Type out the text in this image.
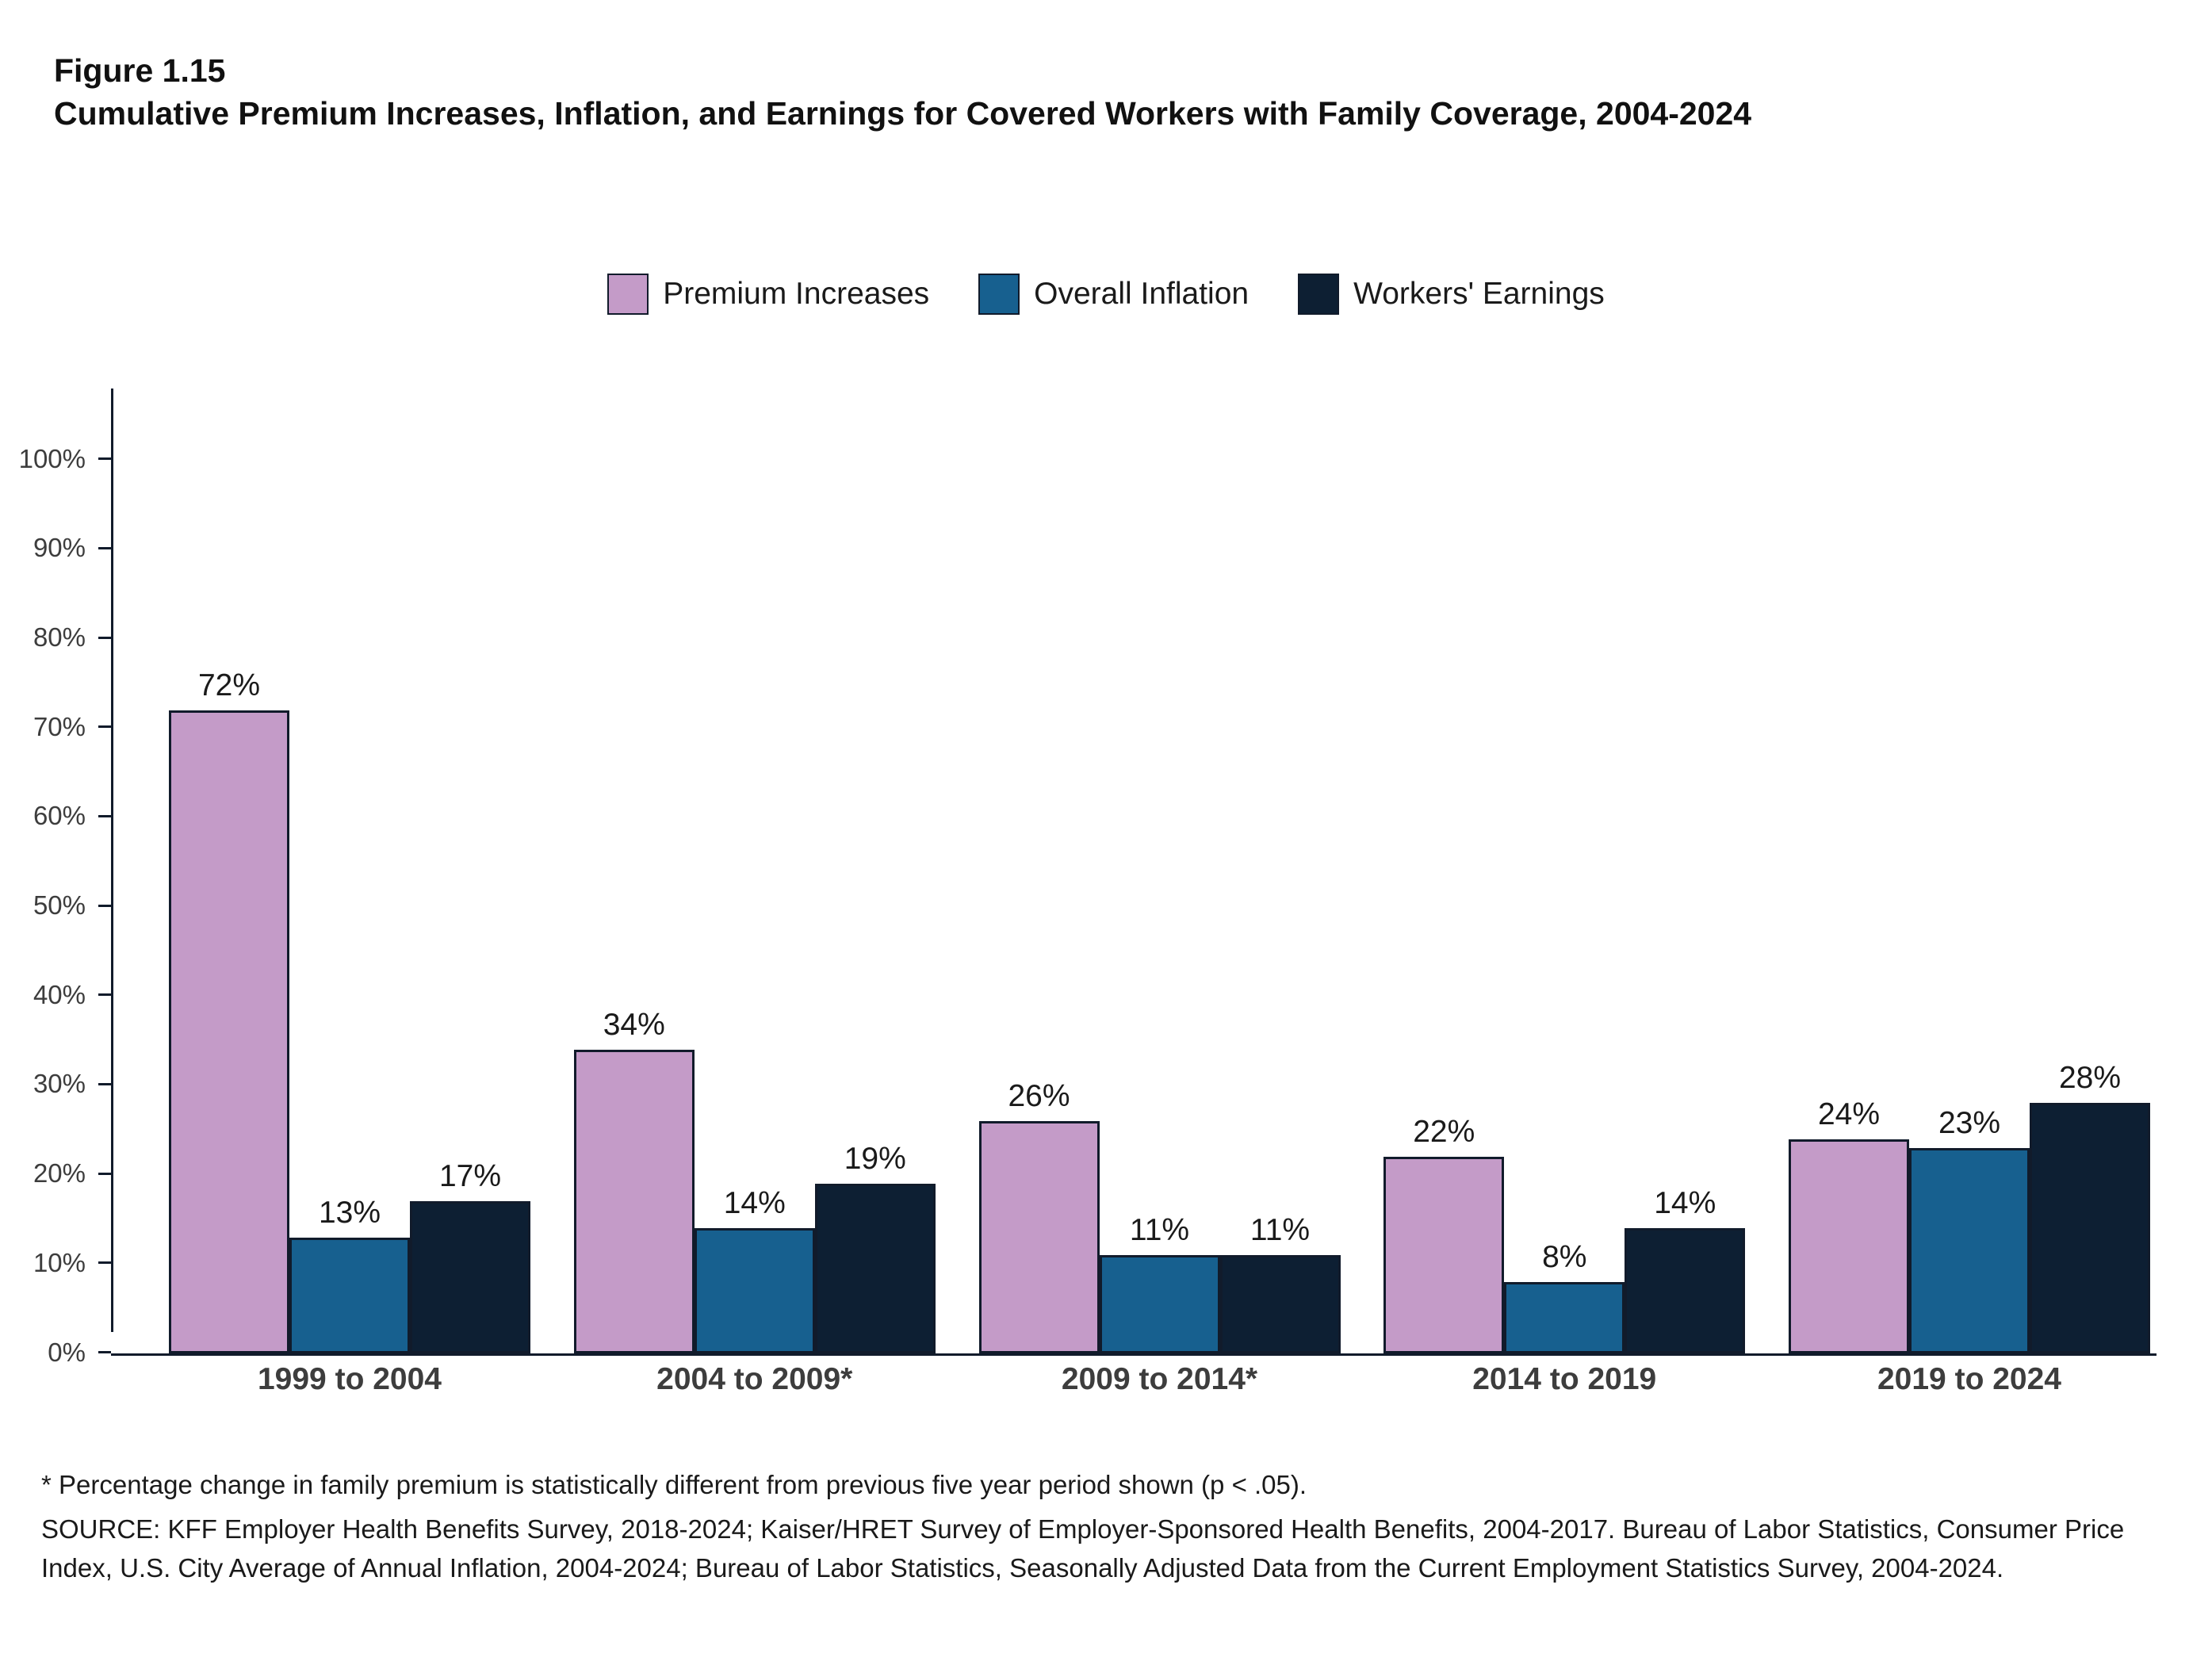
Figure 1.15
Cumulative Premium Increases, Inflation, and Earnings for Covered Workers with Family Coverage, 2004-2024
Premium Increases	Overall Inflation	Workers' Earnings
0%
10%
20%
30%
40%
50%
60%
70%
80%
90%
100%
72%
13%
17%
34%
14%
19%
26%
11% 11%
22%
8%
14%
24% 23%
28%
1999 to 2004	2004 to 2009*	2009 to 2014*	2014 to 2019	2019 to 2024
* Percentage change in family premium is statistically different from previous five year period shown (p < .05).
SOURCE: KFF Employer Health Benefits Survey, 2018-2024; Kaiser/HRET Survey of Employer-Sponsored Health Benefits, 2004-2017. Bureau of Labor Statistics, Consumer Price Index, U.S. City Average of Annual Inflation, 2004-2024; Bureau of Labor Statistics, Seasonally Adjusted Data from the Current Employment Statistics Survey, 2004-2024.
